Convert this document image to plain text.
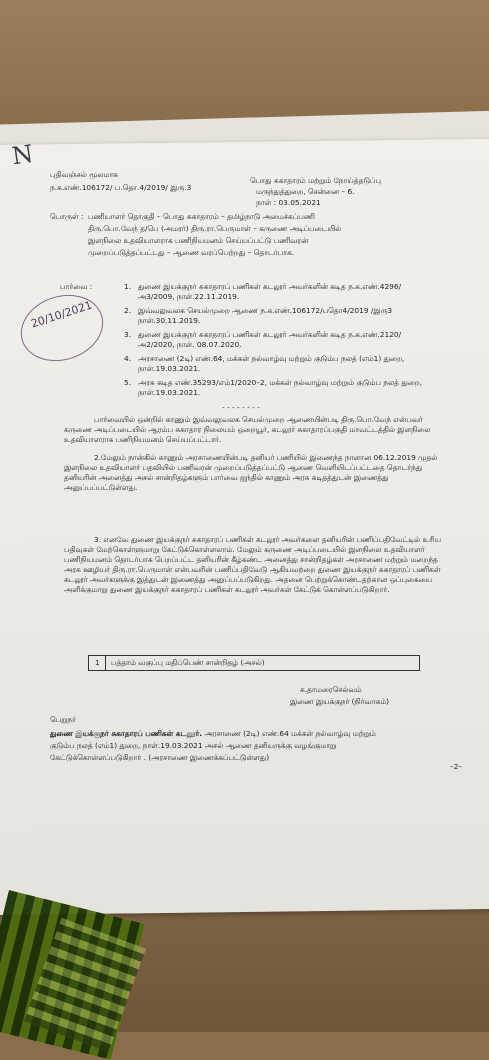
N
புதிவஞ்சல் மூலமாக
ந.க.எண்.106172/ ப.தொ.4/2019/ இரு.3
பொது சுகாதாரம் மற்றும் நோய்த்தடுப்பு
மருந்துத்துறை, சென்னை – 6.
நாள் : 03.05.2021
பொருள் : பணியாளர் தொகுதி – பொது சுகாதாரம் – தமிழ்நாடு அமைச்சுப்பணி
திரு.பொ.வேந் த/பெ (அமரர்) திரு.ரா.பெருமாள் – கருணை அடிப்படையில்
இளநிலை உதவியாளராக பணிநியமனம் செய்யப்பட்டு பணிவரன்
முறைப்படுத்தப்பட்டது – ஆணை வரப்பெற்றது – தொடர்பாக.
பார்வை :
20/10/2021
1. துணை இயக்குநர் சுகாதாரப் பணிகள் கடலூர் அவர்களின் கடித ந.க.எண்.4296/அ3/2009, நாள்.22.11.2019.
2. இவ்வலுவலக செயல்முறை ஆணை ந.க.எண்.106172/பதொ4/2019 /இரு3 நாள்.30.11.2019.
3. துணை இயக்குநர் சுகாதாரப் பணிகள் கடலூர் அவர்களின் கடித ந.க.எண்.2120/அ2/2020, நாள். 08.07.2020.
4. அரசாணை (2டி) எண்.64, மக்கள் நல்வாழ்வு மற்றும் குடும்ப நலத் (எம்1) துறை, நாள்.19.03.2021.
5. அரசு கடித எண்.35293/எம்1/2020–2, மக்கள் நல்வாழ்வு மற்றும் குடும்ப நலத் துறை, நாள்.19.03.2021.
- - - - - - - -
பார்வையில் ஒன்றில் காணும் இவ்வலுவலக செயல்முறை ஆணையின்படி திரு.பொ.வேந் என்பவர் கருணை அடிப்படையில் ஆரம்ப சுகாதார நிலையம் ஒறையூர், கடலூர் சுகாதாரப்பகுதி மாவட்டத்தில் இளநிலை உதவியாளராக பணிநியமனம் செய்யப்பட்டார்.
2.மேலும் நான்கில் காணும் அரசாணையின்படி தனியர் பணியில் இணைந்த நாளான 06.12.2019 முதல் இளநிலை உதவியாளர் பதவியில் பணிவரன் முறைப்படுத்தப்பட்டு ஆணை வெளியிடப்பட்டதை தொடர்ந்து தனியரின் அனைத்து அசல் சான்றிதழ்களும் பார்வை ஐந்தில் காணும் அரசு கடிதத்துடன் இணைத்து அனுப்பப்பட்டுள்ளது.
3. எனவே துணை இயக்குநர் சுகாதாரப் பணிகள் கடலூர் அவர்களை தனியரின் பணிப்பதிவேட்டில் உரிய பதிவுகள் மேற்கொள்ளுமாறு கேட்டுக்கொள்ளலாம். மேலும் கருணை அடிப்படையில் இளநிலை உதவியாளர் பணிநியமனம் தொடர்பாக பெறப்பட்ட தனியரின் கீழ்கண்ட அனைத்து சான்றிதழ்கள் அரசாணை மற்றும் மறைந்த அரசு ஊழியர் திரு.ரா.பெருமாள் என்பவரின் பணிப்பதிவேடு ஆகியவற்றை துணை இயக்குநர் சுகாதாரப் பணிகள் கடலூர் அவர்களுக்கு இத்துடன் இணைத்து அனுப்பப்படுகிறது. அதனை பெற்றுக்கொண்டதற்கான ஒப்புகையை அளிக்குமாறு துணை இயக்குநர் சுகாதாரப் பணிகள் கடலூர் அவர்கள் கேட்டுக் கொள்ளப்படுகிறார்.
1 பத்தாம் வகுப்பு மதிப்பெண் சான்றிதழ் (அசல்)
சு.தாமரைசெல்வம்
இணை இயக்குநர் (நிர்வாகம்)
பெறுநர்
துணை இயக்குநர் சுகாதாரப் பணிகள் கடலூர். அரசாணை (2டி) எண்.64 மக்கள் நல்வாழ்வு மற்றும்
குடும்ப நலத் (எம்1) துறை, நாள்.19.03.2021 அசல் ஆணை தனியருக்கு வழங்குமாறு
கேட்டுக்கொள்ளப்படுகிறார் . (அரசாணை இணைக்கப்பட்டுள்ளது)
–2–
